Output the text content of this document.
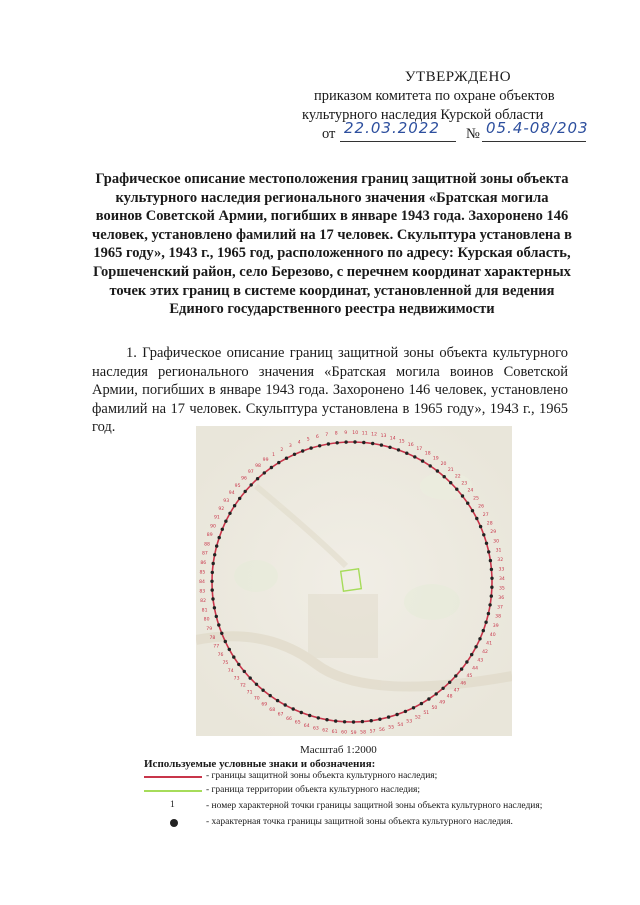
УТВЕРЖДЕНО
приказом комитета по охране объектов
культурного наследия Курской области
от 22.03.2022 № 05.4-08/203
Графическое описание местоположения границ защитной зоны объекта культурного наследия регионального значения «Братская могила воинов Советской Армии, погибших в январе 1943 года. Захоронено 146 человек, установлено фамилий на 17 человек. Скульптура установлена в 1965 году», 1943 г., 1965 год, расположенного по адресу: Курская область, Горшеченский район, село Березово, с перечнем координат характерных точек этих границ в системе координат, установленной для ведения Единого государственного реестра недвижимости
1. Графическое описание границ защитной зоны объекта культурного наследия регионального значения «Братская могила воинов Советской Армии, погибших в январе 1943 года. Захоронено 146 человек, установлено фамилий на 17 человек. Скульптура установлена в 1965 году», 1943 г., 1965 год.
1
2
3
4
5 6 7 8 9 10 11 12 13 14
15
16
17
18
19
20
21
22
23
24
25
26
27
28
29
30
31
32
33
34
35
36
37
38
39
40
41
42
43
44
45
46
47
48
49
50
51
52
53
54
55
56
57
58
59
60
61
62
63
64
65
66
67
68
69
70
71
72
73
74
75
76
77
78
79
80
81
82
83
84
85
86
87
88
89
90
91
92
93
94
95
96
97
98
99
Масштаб 1:2000
Используемые условные знаки и обозначения:
- границы защитной зоны объекта культурного наследия;
- граница территории объекта культурного наследия;
1	- номер характерной точки границы защитной зоны объекта культурного наследия;
- характерная точка границы защитной зоны объекта культурного наследия.
